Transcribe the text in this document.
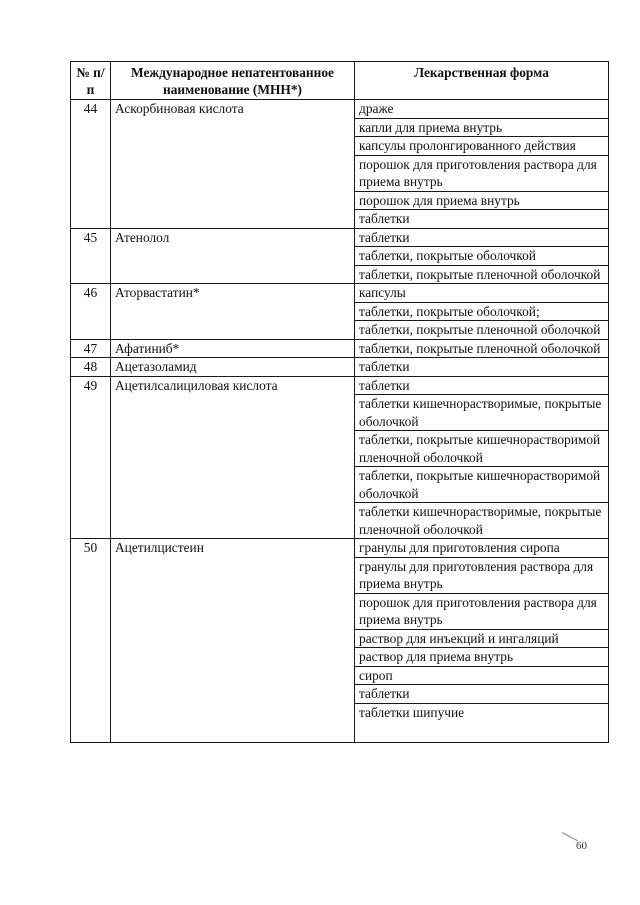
№ п/п	Международное непатентованное наименование (МНН*)	Лекарственная форма
44	Аскорбиновая кислота	драже
		капли для приема внутрь
		капсулы пролонгированного действия
		порошок для приготовления раствора для приема внутрь
		порошок для приема внутрь
		таблетки
45	Атенолол	таблетки
		таблетки, покрытые оболочкой
		таблетки, покрытые пленочной оболочкой
46	Аторвастатин*	капсулы
		таблетки, покрытые оболочкой;
		таблетки, покрытые пленочной оболочкой
47	Афатиниб*	таблетки, покрытые пленочной оболочкой
48	Ацетазоламид	таблетки
49	Ацетилсалициловая кислота	таблетки
		таблетки кишечнорастворимые, покрытые оболочкой
		таблетки, покрытые кишечнорастворимой пленочной оболочкой
		таблетки, покрытые кишечнорастворимой оболочкой
		таблетки кишечнорастворимые, покрытые пленочной оболочкой
50	Ацетилцистеин	гранулы для приготовления сиропа
		гранулы для приготовления раствора для приема внутрь
		порошок для приготовления раствора для приема внутрь
		раствор для инъекций и ингаляций
		раствор для приема внутрь
		сироп
		таблетки
		таблетки шипучие
60
